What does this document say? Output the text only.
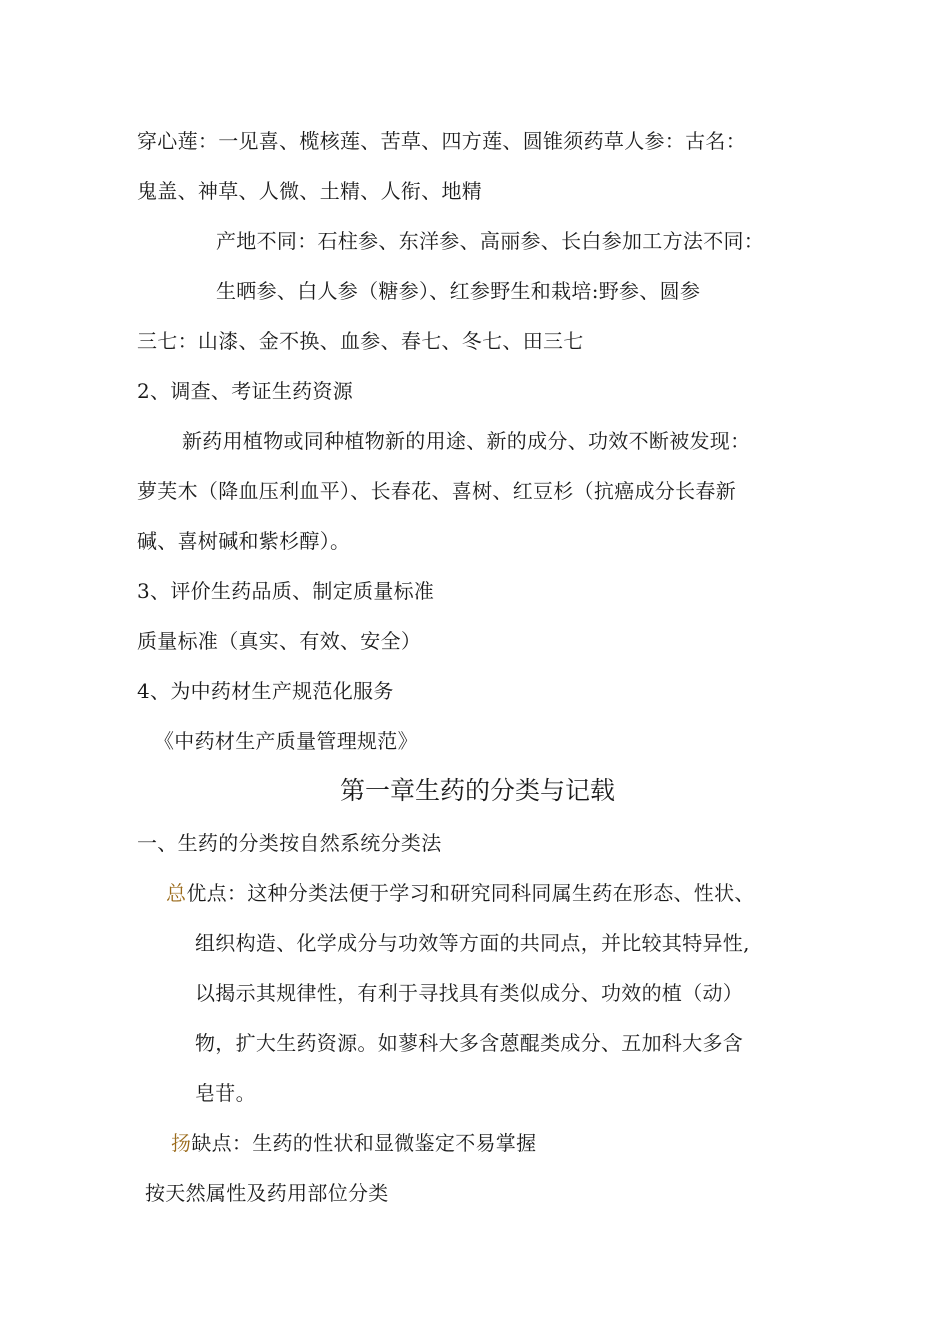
穿心莲：一见喜、榄核莲、苦草、四方莲、圆锥须药草人参：古名：
鬼盖、神草、人微、土精、人衔、地精
产地不同：石柱参、东洋参、高丽参、长白参加工方法不同：
生晒参、白人参（糖参）、红参野生和栽培:野参、圆参
三七：山漆、金不换、血参、春七、冬七、田三七
2、调查、考证生药资源
新药用植物或同种植物新的用途、新的成分、功效不断被发现：
萝芙木（降血压利血平）、长春花、喜树、红豆杉（抗癌成分长春新
碱、喜树碱和紫杉醇）。
3、评价生药品质、制定质量标准
质量标准（真实、有效、安全）
4、为中药材生产规范化服务
《中药材生产质量管理规范》
第一章生药的分类与记载
一、生药的分类按自然系统分类法
总优点：这种分类法便于学习和研究同科同属生药在形态、性状、
组织构造、化学成分与功效等方面的共同点，并比较其特异性,
以揭示其规律性，有利于寻找具有类似成分、功效的植（动）
物，扩大生药资源。如蓼科大多含蒽醌类成分、五加科大多含
皂苷。
扬缺点：生药的性状和显微鉴定不易掌握
按天然属性及药用部位分类
